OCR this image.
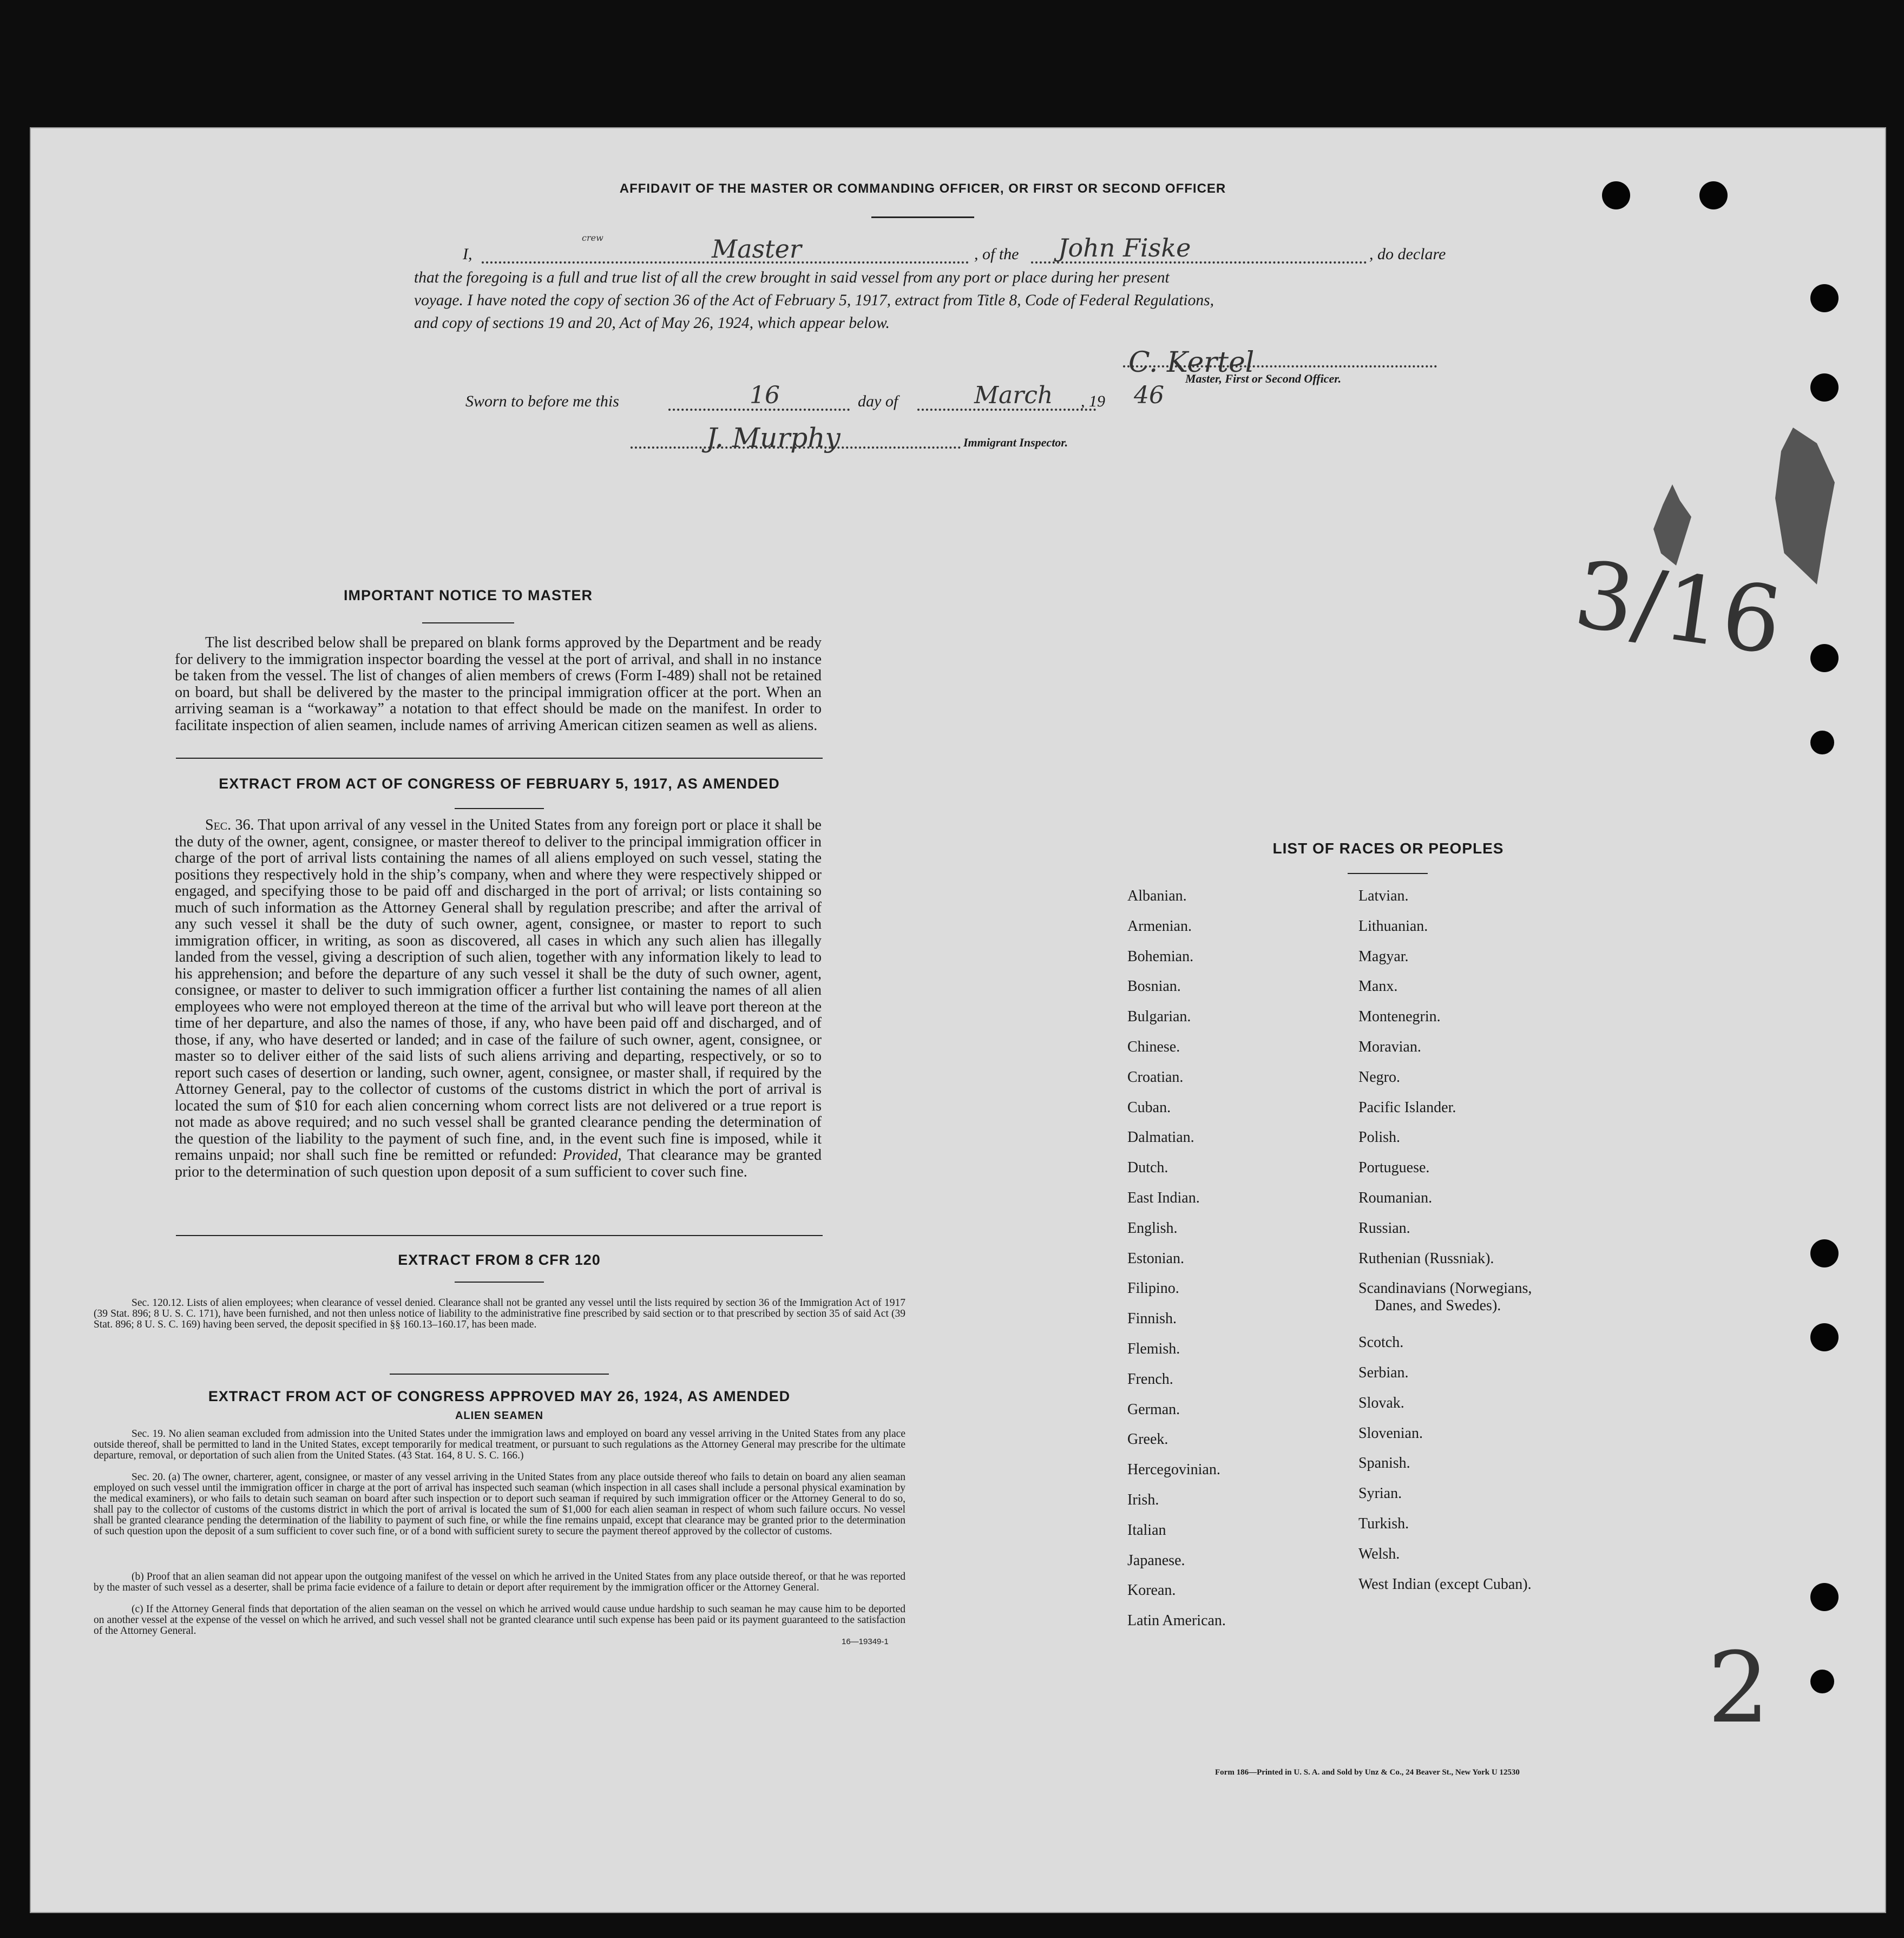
AFFIDAVIT OF THE MASTER OR COMMANDING OFFICER, OR FIRST OR SECOND OFFICER
I,	Master
crew
, of the John Fiske	, do declare
that the foregoing is a full and true list of all the crew brought in said vessel from any port or place during her present
voyage. I have noted the copy of section 36 of the Act of February 5, 1917, extract from Title 8, Code of Federal Regulations,
and copy of sections 19 and 20, Act of May 26, 1924, which appear below.
C. Kertel
Master, First or Second Officer.
Sworn to before me this	16	day of	March , 19 46
J. Murphy	Immigrant Inspector.
IMPORTANT NOTICE TO MASTER
The list described below shall be prepared on blank forms approved by the Department and be ready for delivery to the immigration inspector boarding the vessel at the port of arrival, and shall in no instance be taken from the vessel. The list of changes of alien members of crews (Form I-489) shall not be retained on board, but shall be delivered by the master to the principal immigration officer at the port. When an arriving seaman is a “workaway” a notation to that effect should be made on the manifest. In order to facilitate inspection of alien seamen, include names of arriving American citizen seamen as well as aliens.
EXTRACT FROM ACT OF CONGRESS OF FEBRUARY 5, 1917, AS AMENDED
Sec. 36. That upon arrival of any vessel in the United States from any foreign port or place it shall be the duty of the owner, agent, consignee, or master thereof to deliver to the principal immigration officer in charge of the port of arrival lists containing the names of all aliens employed on such vessel, stating the positions they respectively hold in the ship’s company, when and where they were respectively shipped or engaged, and specifying those to be paid off and discharged in the port of arrival; or lists containing so much of such information as the Attorney General shall by regulation prescribe; and after the arrival of any such vessel it shall be the duty of such owner, agent, consignee, or master to report to such immigration officer, in writing, as soon as discovered, all cases in which any such alien has illegally landed from the vessel, giving a description of such alien, together with any information likely to lead to his apprehension; and before the departure of any such vessel it shall be the duty of such owner, agent, consignee, or master to deliver to such immigration officer a further list containing the names of all alien employees who were not employed thereon at the time of the arrival but who will leave port thereon at the time of her departure, and also the names of those, if any, who have been paid off and discharged, and of those, if any, who have deserted or landed; and in case of the failure of such owner, agent, consignee, or master so to deliver either of the said lists of such aliens arriving and departing, respectively, or so to report such cases of desertion or landing, such owner, agent, consignee, or master shall, if required by the Attorney General, pay to the collector of customs of the customs district in which the port of arrival is located the sum of $10 for each alien concerning whom correct lists are not delivered or a true report is not made as above required; and no such vessel shall be granted clearance pending the determination of the question of the liability to the payment of such fine, and, in the event such fine is imposed, while it remains unpaid; nor shall such fine be remitted or refunded: Provided, That clearance may be granted prior to the determination of such question upon deposit of a sum sufficient to cover such fine.
EXTRACT FROM 8 CFR 120
Sec. 120.12. Lists of alien employees; when clearance of vessel denied. Clearance shall not be granted any vessel until the lists required by section 36 of the Immigration Act of 1917 (39 Stat. 896; 8 U. S. C. 171), have been furnished, and not then unless notice of liability to the administrative fine prescribed by said section or to that prescribed by section 35 of said Act (39 Stat. 896; 8 U. S. C. 169) having been served, the deposit specified in §§ 160.13–160.17, has been made.
EXTRACT FROM ACT OF CONGRESS APPROVED MAY 26, 1924, AS AMENDED
ALIEN SEAMEN
Sec. 19. No alien seaman excluded from admission into the United States under the immigration laws and employed on board any vessel arriving in the United States from any place outside thereof, shall be permitted to land in the United States, except temporarily for medical treatment, or pursuant to such regulations as the Attorney General may prescribe for the ultimate departure, removal, or deportation of such alien from the United States. (43 Stat. 164, 8 U. S. C. 166.)
Sec. 20. (a) The owner, charterer, agent, consignee, or master of any vessel arriving in the United States from any place outside thereof who fails to detain on board any alien seaman employed on such vessel until the immigration officer in charge at the port of arrival has inspected such seaman (which inspection in all cases shall include a personal physical examination by the medical examiners), or who fails to detain such seaman on board after such inspection or to deport such seaman if required by such immigration officer or the Attorney General to do so, shall pay to the collector of customs of the customs district in which the port of arrival is located the sum of $1,000 for each alien seaman in respect of whom such failure occurs. No vessel shall be granted clearance pending the determination of the liability to payment of such fine, or while the fine remains unpaid, except that clearance may be granted prior to the determination of such question upon the deposit of a sum sufficient to cover such fine, or of a bond with sufficient surety to secure the payment thereof approved by the collector of customs.
(b) Proof that an alien seaman did not appear upon the outgoing manifest of the vessel on which he arrived in the United States from any place outside thereof, or that he was reported by the master of such vessel as a deserter, shall be prima facie evidence of a failure to detain or deport after requirement by the immigration officer or the Attorney General.
(c) If the Attorney General finds that deportation of the alien seaman on the vessel on which he arrived would cause undue hardship to such seaman he may cause him to be deported on another vessel at the expense of the vessel on which he arrived, and such vessel shall not be granted clearance until such expense has been paid or its payment guaranteed to the satisfaction of the Attorney General.
16—19349-1
LIST OF RACES OR PEOPLES
Albanian.
Armenian.
Bohemian.
Bosnian.
Bulgarian.
Chinese.
Croatian.
Cuban.
Dalmatian.
Dutch.
East Indian.
English.
Estonian.
Filipino.
Finnish.
Flemish.
French.
German.
Greek.
Hercegovinian.
Irish.
Italian
Japanese.
Korean.
Latin American.
Latvian.
Lithuanian.
Magyar.
Manx.
Montenegrin.
Moravian.
Negro.
Pacific Islander.
Polish.
Portuguese.
Roumanian.
Russian.
Ruthenian (Russniak).
Scandinavians (Norwegians,
Danes, and Swedes).
Scotch.
Serbian.
Slovak.
Slovenian.
Spanish.
Syrian.
Turkish.
Welsh.
West Indian (except Cuban).
Form 186—Printed in U. S. A. and Sold by Unz & Co., 24 Beaver St., New York U 12530
3/16
2
